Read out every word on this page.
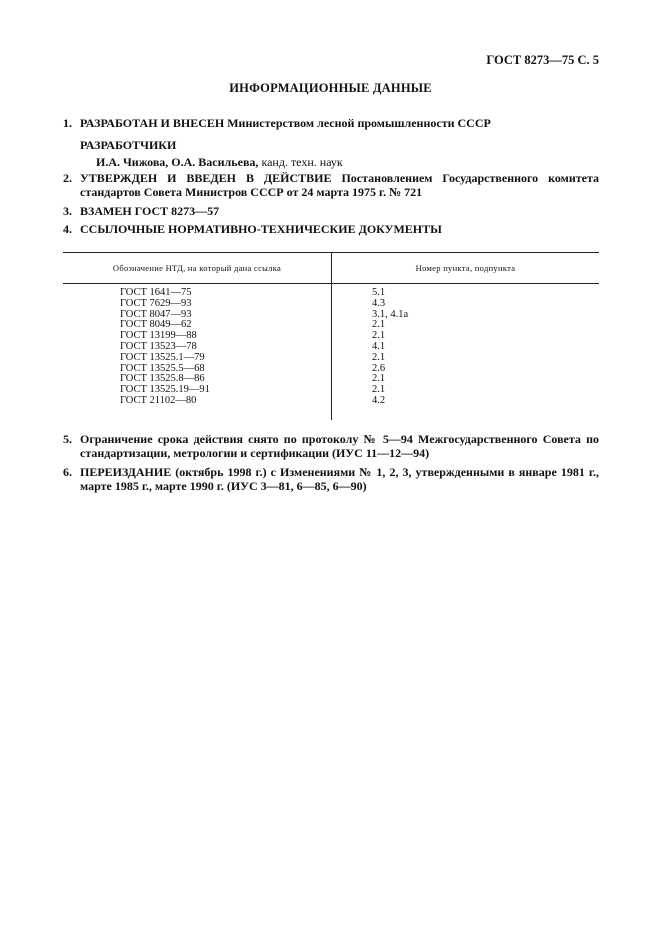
ГОСТ 8273—75 С. 5
ИНФОРМАЦИОННЫЕ ДАННЫЕ
1. РАЗРАБОТАН И ВНЕСЕН Министерством лесной промышленности СССР
РАЗРАБОТЧИКИ
И.А. Чижова, О.А. Васильева, канд. техн. наук
2. УТВЕРЖДЕН И ВВЕДЕН В ДЕЙСТВИЕ Постановлением Государственного комитета стандартов Совета Министров СССР от 24 марта 1975 г. № 721
3. ВЗАМЕН ГОСТ 8273—57
4. ССЫЛОЧНЫЕ НОРМАТИВНО-ТЕХНИЧЕСКИЕ ДОКУМЕНТЫ
Обозначение НТД, на который дана ссылка	Номер пункта, подпункта
ГОСТ 1641—75
ГОСТ 7629—93
ГОСТ 8047—93
ГОСТ 8049—62
ГОСТ 13199—88
ГОСТ 13523—78
ГОСТ 13525.1—79
ГОСТ 13525.5—68
ГОСТ 13525.8—86
ГОСТ 13525.19—91
ГОСТ 21102—80
5.1
4.3
3.1, 4.1а
2.1
2.1
4.1
2.1
2.6
2.1
2.1
4.2
5. Ограничение срока действия снято по протоколу № 5—94 Межгосударственного Совета по стандартизации, метрологии и сертификации (ИУС 11—12—94)
6. ПЕРЕИЗДАНИЕ (октябрь 1998 г.) с Изменениями № 1, 2, 3, утвержденными в январе 1981 г., марте 1985 г., марте 1990 г. (ИУС 3—81, 6—85, 6—90)
